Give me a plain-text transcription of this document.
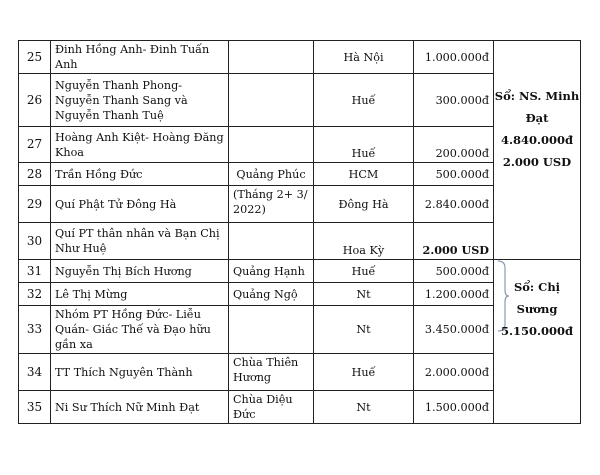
25	Đinh Hồng Anh- Đinh Tuấn Anh		Hà Nội	1.000.000đ	Sổ: NS. Minh Đạt
4.840.000đ
2.000 USD

26	Nguyễn Thanh Phong- Nguyễn Thanh Sang và Nguyễn Thanh Tuệ		Huế	300.000đ	
27	Hoàng Anh Kiệt- Hoàng Đăng Khoa		Huế	200.000đ	
28	Trần Hồng Đức	Quảng Phúc	HCM	500.000đ	
29	Quí Phật Tử Đông Hà	(Tháng 2+ 3/ 2022)	Đông Hà	2.840.000đ	
30	Quí PT thân nhân và Bạn Chị Như Huệ		Hoa Kỳ	2.000 USD	
31	Nguyễn Thị Bích Hương	Quảng Hạnh	Huế	500.000đ	Sổ: Chị Sương
5.150.000đ

32	Lê Thị Mừng	Quảng Ngộ	Nt	1.200.000đ	
33	Nhóm PT Hồng Đức- Liễu Quán- Giác Thế và Đạo hữu gần xa		Nt	3.450.000đ	
34	TT Thích Nguyên Thành	Chùa Thiên Hương	Huế	2.000.000đ	
35	Ni Sư Thích Nữ Minh Đạt	Chùa Diệu Đức	Nt	1.500.000đ	
